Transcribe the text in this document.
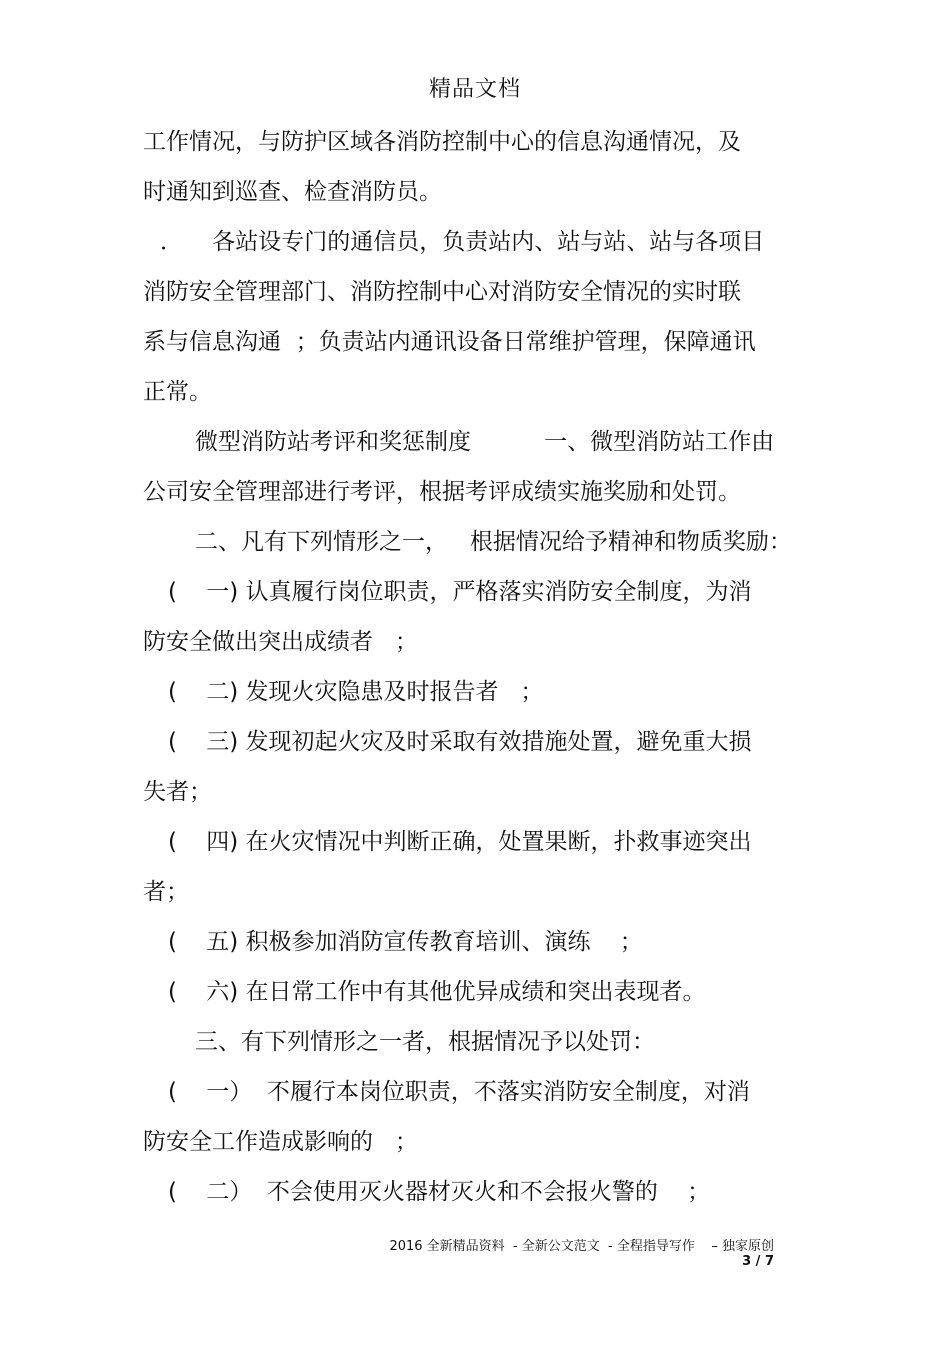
精品文档
工作情况，与防护区域各消防控制中心的信息沟通情况，及
时通知到巡查、检查消防员。
．    各站设专门的通信员，负责站内、站与站、站与各项目
消防安全管理部门、消防控制中心对消防安全情况的实时联
系与信息沟通  ；负责站内通讯设备日常维护管理，保障通讯
正常。
微型消防站考评和奖惩制度          一、微型消防站工作由
公司安全管理部进行考评，根据考评成绩实施奖励和处罚。
二、凡有下列情形之一，   根据情况给予精神和物质奖励：
(    一) 认真履行岗位职责，严格落实消防安全制度，为消
防安全做出突出成绩者   ；
(    二) 发现火灾隐患及时报告者   ；
(    三) 发现初起火灾及时采取有效措施处置，避免重大损
失者；
(    四) 在火灾情况中判断正确，处置果断，扑救事迹突出
者；
(    五) 积极参加消防宣传教育培训、演练    ；
(    六) 在日常工作中有其他优异成绩和突出表现者。
三、有下列情形之一者，根据情况予以处罚：
(    一）  不履行本岗位职责，不落实消防安全制度，对消
防安全工作造成影响的   ；
(    二）  不会使用灭火器材灭火和不会报火警的    ；
2016 全新精品资料  - 全新公文范文  - 全程指导写作    – 独家原创
3 / 7
